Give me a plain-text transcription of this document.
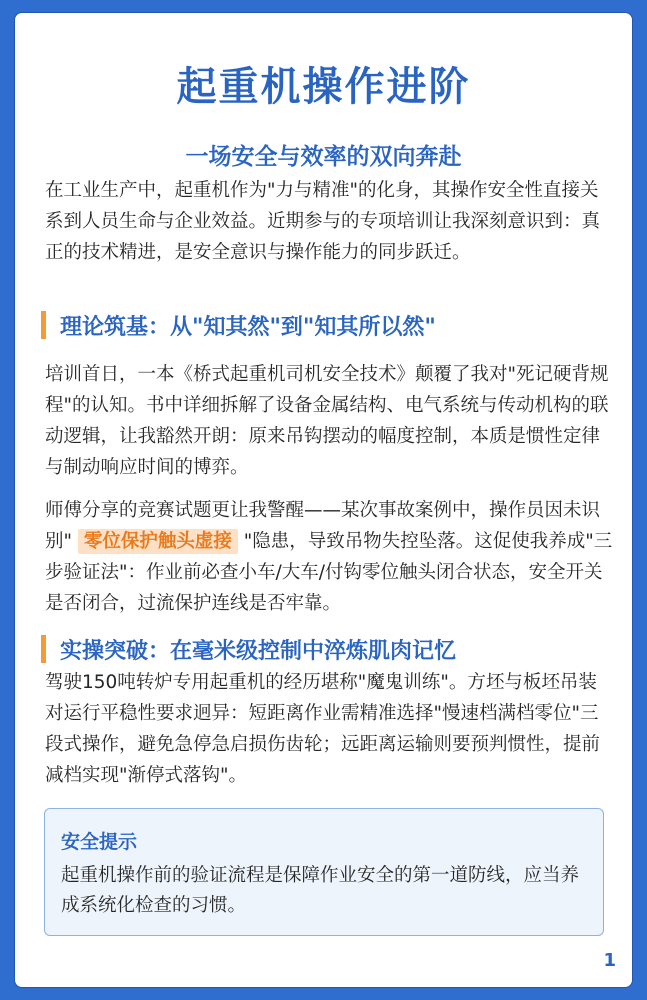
起重机操作进阶
一场安全与效率的双向奔赴

在工业生产中，起重机作为"力与精准"的化身，其操作安全性直接关系到人员生命与企业效益。近期参与的专项培训让我深刻意识到：真正的技术精进，是安全意识与操作能力的同步跃迁。

理论筑基：从"知其然"到"知其所以然"

培训首日，一本《桥式起重机司机安全技术》颠覆了我对"死记硬背规程"的认知。书中详细拆解了设备金属结构、电气系统与传动机构的联动逻辑，让我豁然开朗：原来吊钩摆动的幅度控制，本质是惯性定律与制动响应时间的博弈。

师傅分享的竞赛试题更让我警醒——某次事故案例中，操作员因未识别" 零位保护触头虚接 "隐患，导致吊物失控坠落。这促使我养成"三步验证法"：作业前必查小车/大车/付钩零位触头闭合状态，安全开关是否闭合，过流保护连线是否牢靠。

实操突破：在毫米级控制中淬炼肌肉记忆

驾驶150吨转炉专用起重机的经历堪称"魔鬼训练"。方坯与板坯吊装对运行平稳性要求迥异：短距离作业需精准选择"慢速档满档零位"三段式操作，避免急停急启损伤齿轮；远距离运输则要预判惯性，提前减档实现"渐停式落钩"。

安全提示
起重机操作前的验证流程是保障作业安全的第一道防线，应当养成系统化检查的习惯。
1
